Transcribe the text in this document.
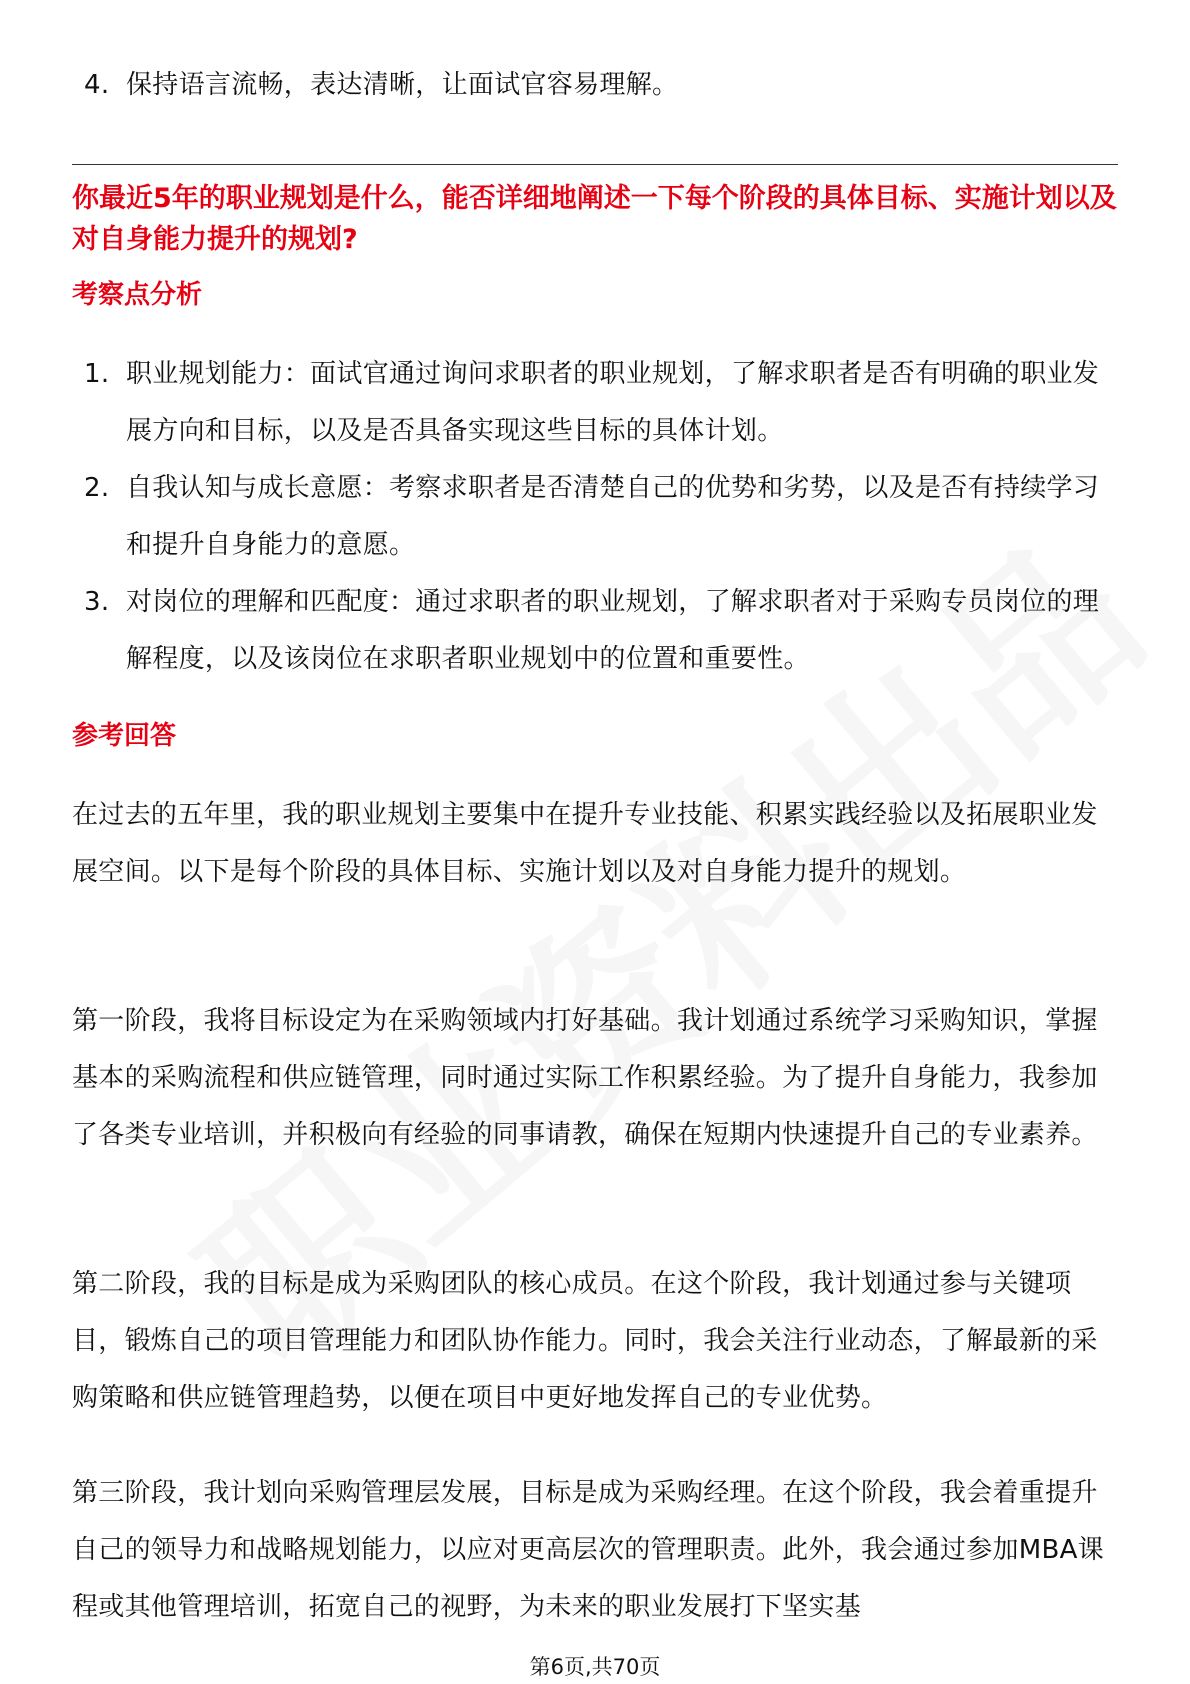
4. 保持语言流畅，表达清晰，让面试官容易理解。
你最近5年的职业规划是什么，能否详细地阐述一下每个阶段的具体目标、实施计划以及对自身能力提升的规划?
考察点分析
1. 职业规划能力：面试官通过询问求职者的职业规划，了解求职者是否有明确的职业发展方向和目标，以及是否具备实现这些目标的具体计划。
2. 自我认知与成长意愿：考察求职者是否清楚自己的优势和劣势，以及是否有持续学习和提升自身能力的意愿。
3. 对岗位的理解和匹配度：通过求职者的职业规划，了解求职者对于采购专员岗位的理解程度，以及该岗位在求职者职业规划中的位置和重要性。
参考回答
在过去的五年里，我的职业规划主要集中在提升专业技能、积累实践经验以及拓展职业发展空间。以下是每个阶段的具体目标、实施计划以及对自身能力提升的规划。
第一阶段，我将目标设定为在采购领域内打好基础。我计划通过系统学习采购知识，掌握基本的采购流程和供应链管理，同时通过实际工作积累经验。为了提升自身能力，我参加了各类专业培训，并积极向有经验的同事请教，确保在短期内快速提升自己的专业素养。
第二阶段，我的目标是成为采购团队的核心成员。在这个阶段，我计划通过参与关键项目，锻炼自己的项目管理能力和团队协作能力。同时，我会关注行业动态，了解最新的采购策略和供应链管理趋势，以便在项目中更好地发挥自己的专业优势。
第三阶段，我计划向采购管理层发展，目标是成为采购经理。在这个阶段，我会着重提升自己的领导力和战略规划能力，以应对更高层次的管理职责。此外，我会通过参加MBA课程或其他管理培训，拓宽自己的视野，为未来的职业发展打下坚实基
第6页,共70页
